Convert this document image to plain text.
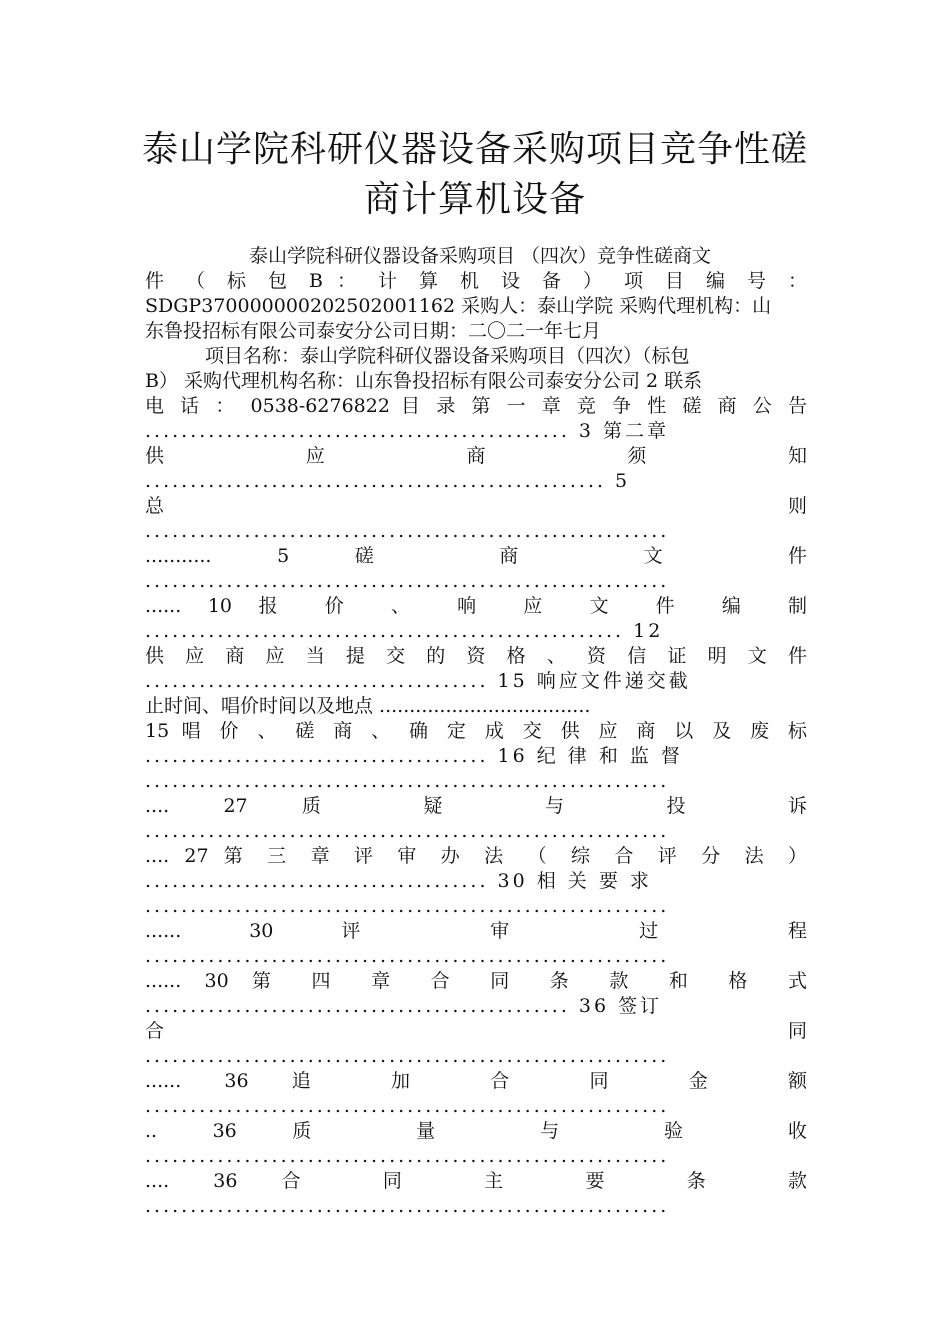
泰山学院科研仪器设备采购项目竞争性磋
商计算机设备
泰山学院科研仪器设备采购项目 （四次）竞争性磋商文
件 （ 标 包 B ： 计 算 机 设 备 ） 项 目 编 号 ：
SDGP370000000202502001162 采购人：泰山学院 采购代理机构：山
东鲁投招标有限公司泰安分公司日期：二〇二一年七月
项目名称：泰山学院科研仪器设备采购项目（四次）（标包
B） 采购代理机构名称：山东鲁投招标有限公司泰安分公司 2 联系
电 话 ： 0538-6276822 目 录 第 一 章 竞 争 性 磋 商 公 告
............................................... 3 第二章
供 应 商 须 知
................................................... 5
总 则
..........................................................
........... 5 磋 商 文 件
..........................................................
...... 10 报 价 、 响 应 文 件 编 制
..................................................... 12
供 应 商 应 当 提 交 的 资 格 、 资 信 证 明 文 件
...................................... 15 响应文件递交截
止时间、唱价时间以及地点 ...................................
15 唱 价 、 磋 商 、 确 定 成 交 供 应 商 以 及 废 标
...................................... 16 纪 律 和 监 督
..........................................................
.... 27 质 疑 与 投 诉
..........................................................
.... 27 第 三 章 评 审 办 法 （ 综 合 评 分 法 ）
...................................... 30 相 关 要 求
..........................................................
...... 30 评 审 过 程
..........................................................
...... 30 第 四 章 合 同 条 款 和 格 式
............................................... 36 签订
合 同
..........................................................
...... 36 追 加 合 同 金 额
..........................................................
.. 36 质 量 与 验 收
..........................................................
.... 36 合 同 主 要 条 款
..........................................................
